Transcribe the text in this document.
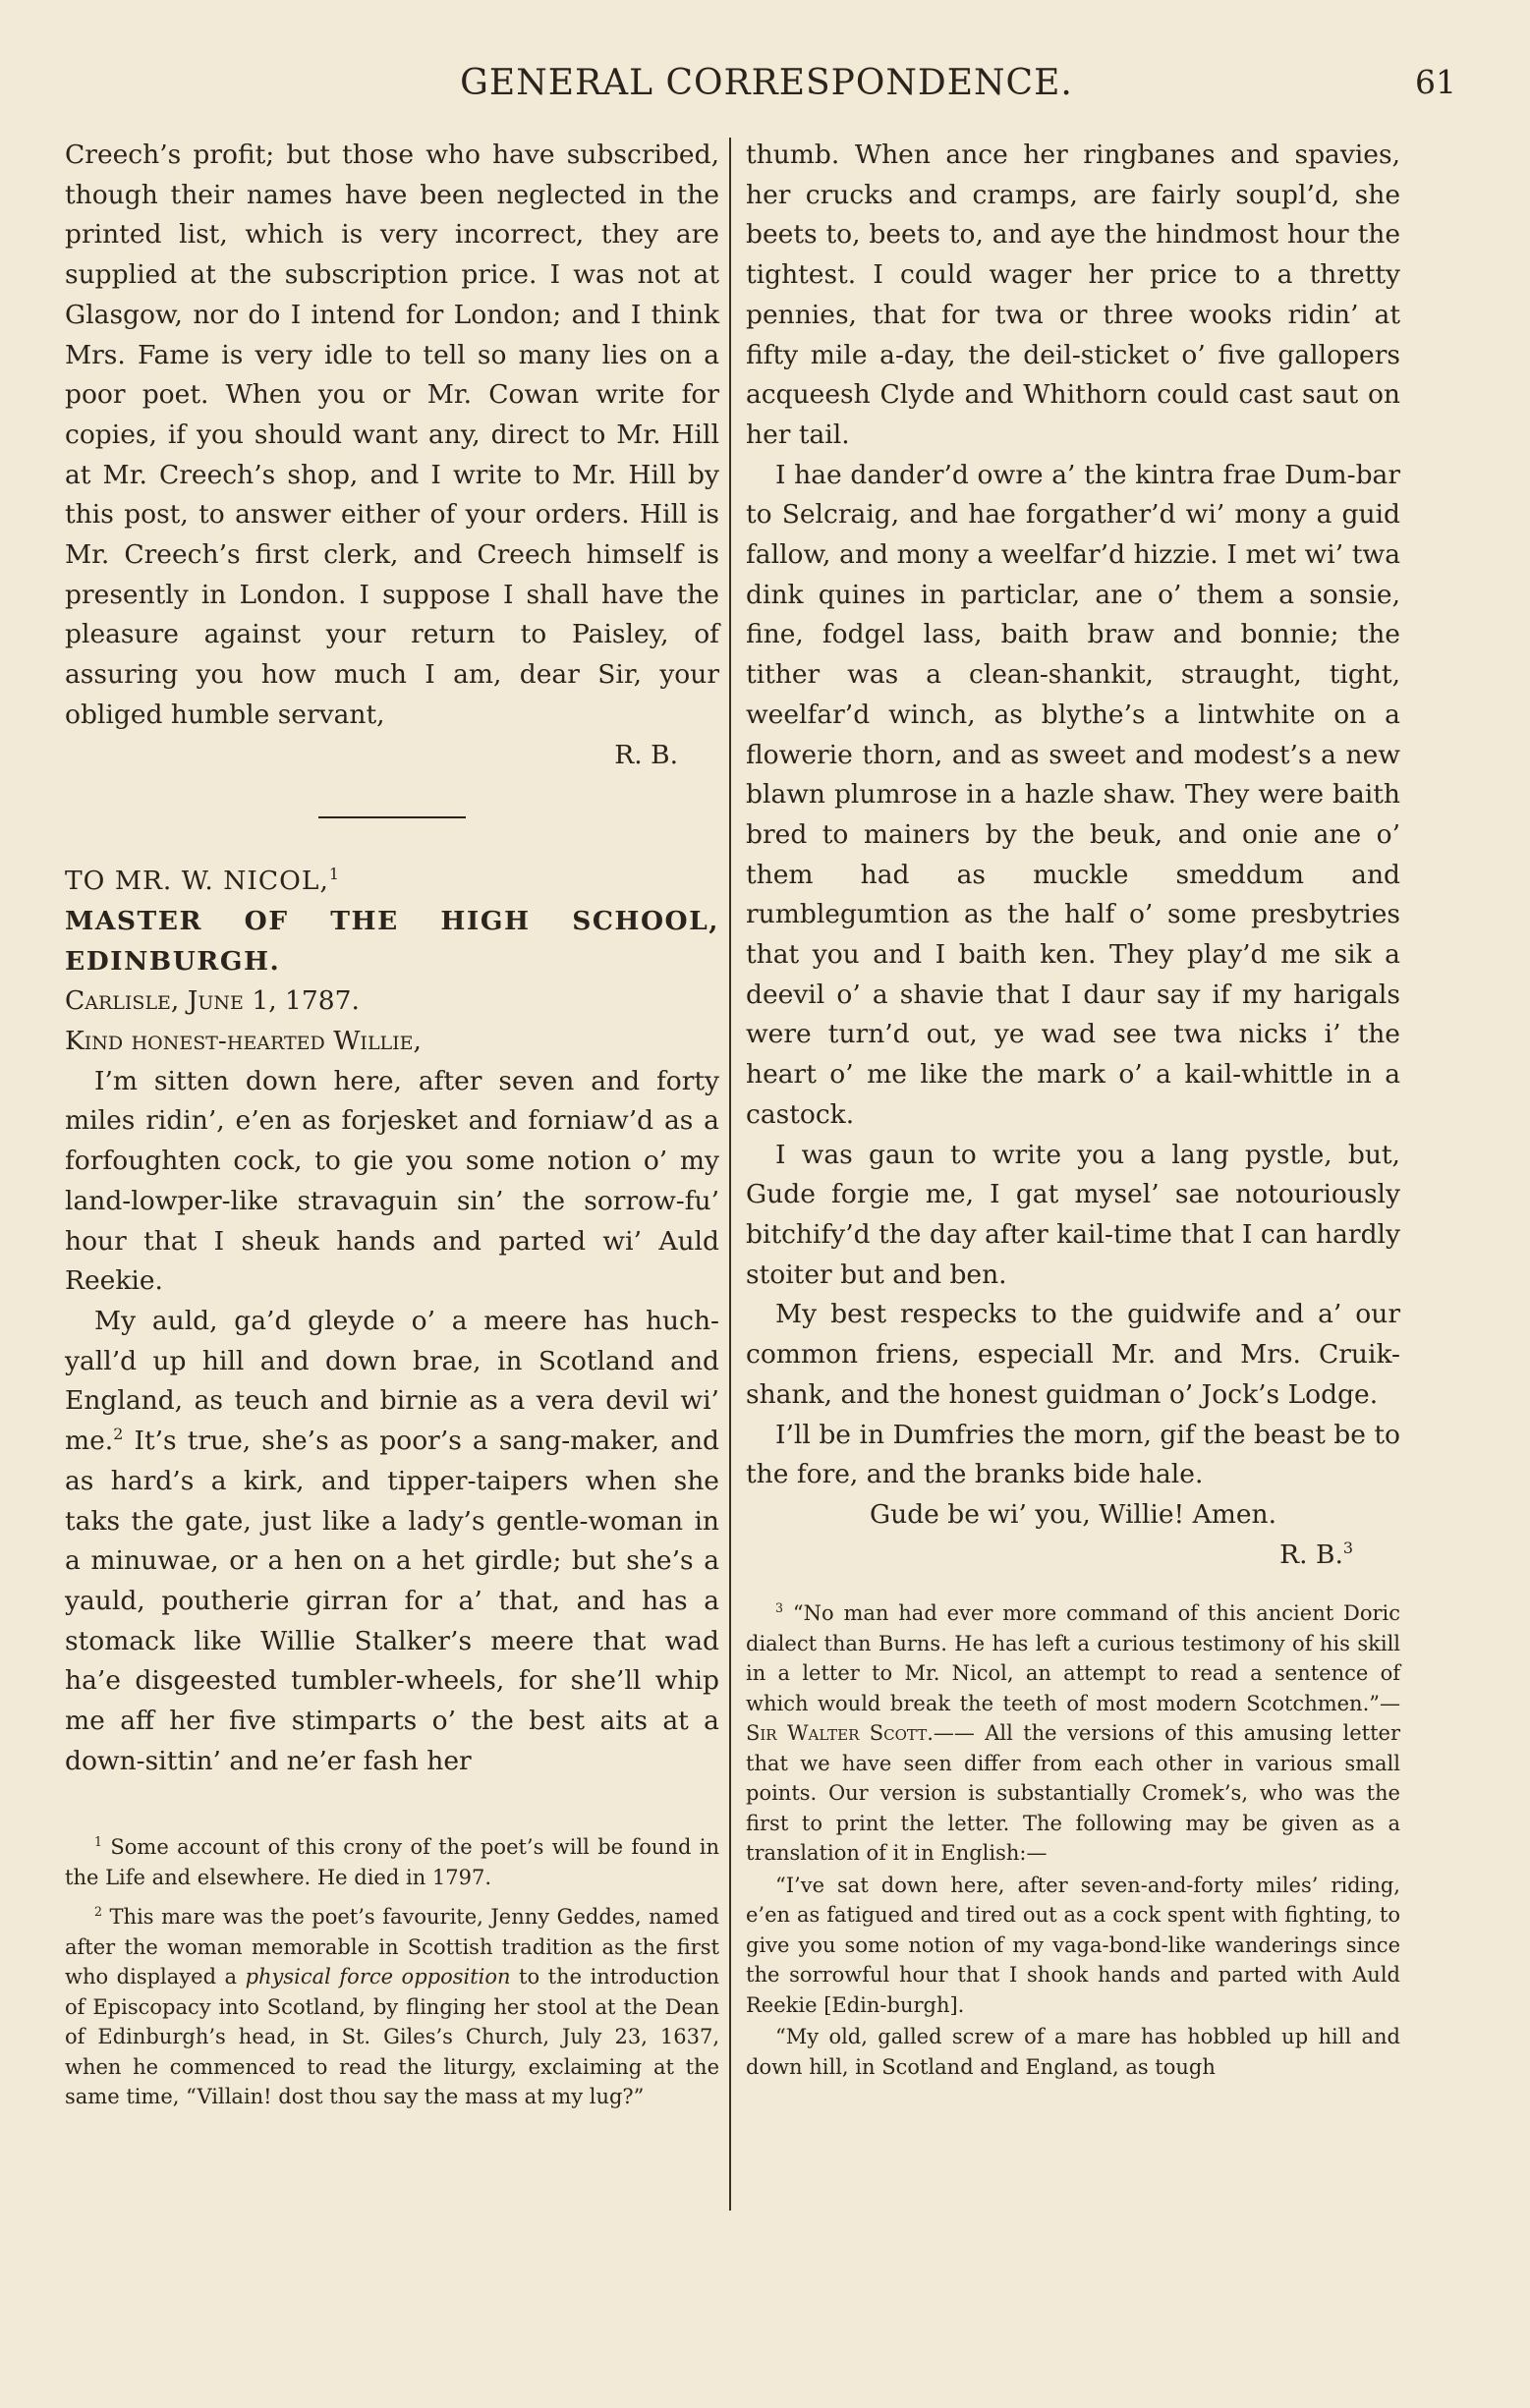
GENERAL CORRESPONDENCE.	61

Creech’s profit; but those who have subscribed, though their names have been neglected in the printed list, which is very incorrect, they are supplied at the subscription price. I was not at Glasgow, nor do I intend for London; and I think Mrs. Fame is very idle to tell so many lies on a poor poet. When you or Mr. Cowan write for copies, if you should want any, direct to Mr. Hill at Mr. Creech’s shop, and I write to Mr. Hill by this post, to answer either of your orders. Hill is Mr. Creech’s first clerk, and Creech himself is presently in London. I suppose I shall have the pleasure against your return to Paisley, of assuring you how much I am, dear Sir, your obliged humble servant,

R. B.

TO MR. W. NICOL,$^1$

MASTER OF THE HIGH SCHOOL, EDINBURGH.

Carlisle, June 1, 1787.

Kind honest-hearted Willie,

I’m sitten down here, after seven and forty miles ridin’, e’en as forjesket and forniaw’d as a forfoughten cock, to gie you some notion o’ my land-lowper-like stravaguin sin’ the sorrow-fu’ hour that I sheuk hands and parted wi’ Auld Reekie.

My auld, ga’d gleyde o’ a meere has huch-yall’d up hill and down brae, in Scotland and England, as teuch and birnie as a vera devil wi’ me.$^2$ It’s true, she’s as poor’s a sang-maker, and as hard’s a kirk, and tipper-taipers when she taks the gate, just like a lady’s gentle-woman in a minuwae, or a hen on a het girdle; but she’s a yauld, poutherie girran for a’ that, and has a stomack like Willie Stalker’s meere that wad ha’e disgeested tumbler-wheels, for she’ll whip me aff her five stimparts o’ the best aits at a down-sittin’ and ne’er fash her

$^1$ Some account of this crony of the poet’s will be found in the Life and elsewhere. He died in 1797.

$^2$ This mare was the poet’s favourite, Jenny Geddes, named after the woman memorable in Scottish tradition as the first who displayed a physical force opposition to the introduction of Episcopacy into Scotland, by flinging her stool at the Dean of Edinburgh’s head, in St. Giles’s Church, July 23, 1637, when he commenced to read the liturgy, exclaiming at the same time, “Villain! dost thou say the mass at my lug?”

thumb. When ance her ringbanes and spavies, her crucks and cramps, are fairly soupl’d, she beets to, beets to, and aye the hindmost hour the tightest. I could wager her price to a thretty pennies, that for twa or three wooks ridin’ at fifty mile a-day, the deil-sticket o’ five gallopers acqueesh Clyde and Whithorn could cast saut on her tail.

I hae dander’d owre a’ the kintra frae Dum-bar to Selcraig, and hae forgather’d wi’ mony a guid fallow, and mony a weelfar’d hizzie. I met wi’ twa dink quines in particlar, ane o’ them a sonsie, fine, fodgel lass, baith braw and bonnie; the tither was a clean-shankit, straught, tight, weelfar’d winch, as blythe’s a lintwhite on a flowerie thorn, and as sweet and modest’s a new blawn plumrose in a hazle shaw. They were baith bred to mainers by the beuk, and onie ane o’ them had as muckle smeddum and rumblegumtion as the half o’ some presbytries that you and I baith ken. They play’d me sik a deevil o’ a shavie that I daur say if my harigals were turn’d out, ye wad see twa nicks i’ the heart o’ me like the mark o’ a kail-whittle in a castock.

I was gaun to write you a lang pystle, but, Gude forgie me, I gat mysel’ sae notouriously bitchify’d the day after kail-time that I can hardly stoiter but and ben.

My best respecks to the guidwife and a’ our common friens, especiall Mr. and Mrs. Cruik-shank, and the honest guidman o’ Jock’s Lodge.

I’ll be in Dumfries the morn, gif the beast be to the fore, and the branks bide hale.

Gude be wi’ you, Willie! Amen.

R. B.$^3$

$^3$ “No man had ever more command of this ancient Doric dialect than Burns. He has left a curious testimony of his skill in a letter to Mr. Nicol, an attempt to read a sentence of which would break the teeth of most modern Scotchmen.”—Sir Walter Scott.—— All the versions of this amusing letter that we have seen differ from each other in various small points. Our version is substantially Cromek’s, who was the first to print the letter. The following may be given as a translation of it in English:—

“I’ve sat down here, after seven-and-forty miles’ riding, e’en as fatigued and tired out as a cock spent with fighting, to give you some notion of my vaga-bond-like wanderings since the sorrowful hour that I shook hands and parted with Auld Reekie [Edin-burgh].

“My old, galled screw of a mare has hobbled up hill and down hill, in Scotland and England, as tough
